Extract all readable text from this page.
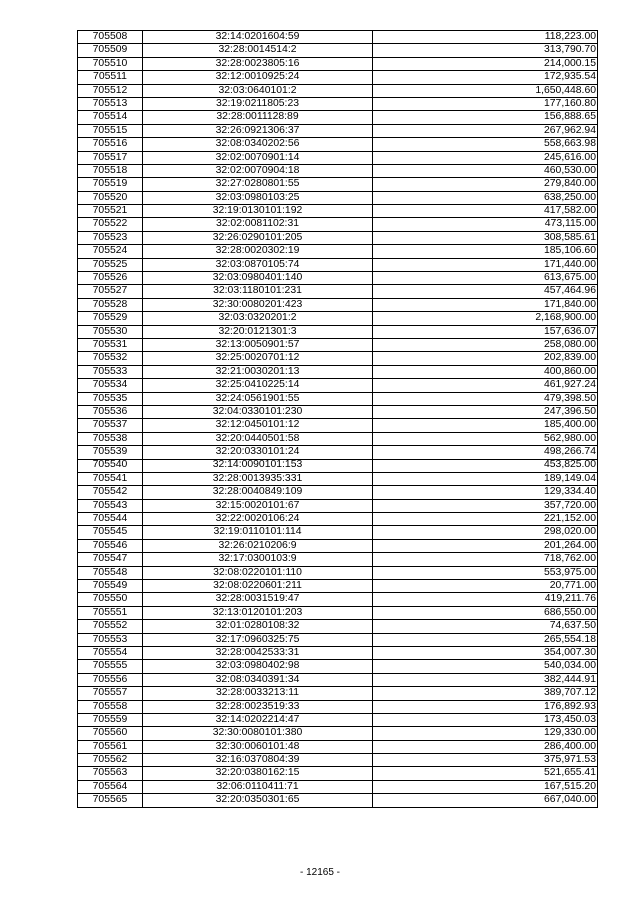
705508	32:14:0201604:59	118,223.00
705509	32:28:0014514:2	313,790.70
705510	32:28:0023805:16	214,000.15
705511	32:12:0010925:24	172,935.54
705512	32:03:0640101:2	1,650,448.60
705513	32:19:0211805:23	177,160.80
705514	32:28:0011128:89	156,888.65
705515	32:26:0921306:37	267,962.94
705516	32:08:0340202:56	558,663.98
705517	32:02:0070901:14	245,616.00
705518	32:02:0070904:18	460,530.00
705519	32:27:0280801:55	279,840.00
705520	32:03:0980103:25	638,250.00
705521	32:19:0130101:192	417,582.00
705522	32:02:0081102:31	473,115.00
705523	32:26:0290101:205	308,585.61
705524	32:28:0020302:19	185,106.60
705525	32:03:0870105:74	171,440.00
705526	32:03:0980401:140	613,675.00
705527	32:03:1180101:231	457,464.96
705528	32:30:0080201:423	171,840.00
705529	32:03:0320201:2	2,168,900.00
705530	32:20:0121301:3	157,636.07
705531	32:13:0050901:57	258,080.00
705532	32:25:0020701:12	202,839.00
705533	32:21:0030201:13	400,860.00
705534	32:25:0410225:14	461,927.24
705535	32:24:0561901:55	479,398.50
705536	32:04:0330101:230	247,396.50
705537	32:12:0450101:12	185,400.00
705538	32:20:0440501:58	562,980.00
705539	32:20:0330101:24	498,266.74
705540	32:14:0090101:153	453,825.00
705541	32:28:0013935:331	189,149.04
705542	32:28:0040849:109	129,334.40
705543	32:15:0020101:67	357,720.00
705544	32:22:0020106:24	221,152.00
705545	32:19:0110101:114	298,020.00
705546	32:26:0210206:9	201,264.00
705547	32:17:0300103:9	718,762.00
705548	32:08:0220101:110	553,975.00
705549	32:08:0220601:211	20,771.00
705550	32:28:0031519:47	419,211.76
705551	32:13:0120101:203	686,550.00
705552	32:01:0280108:32	74,637.50
705553	32:17:0960325:75	265,554.18
705554	32:28:0042533:31	354,007.30
705555	32:03:0980402:98	540,034.00
705556	32:08:0340391:34	382,444.91
705557	32:28:0033213:11	389,707.12
705558	32:28:0023519:33	176,892.93
705559	32:14:0202214:47	173,450.03
705560	32:30:0080101:380	129,330.00
705561	32:30:0060101:48	286,400.00
705562	32:16:0370804:39	375,971.53
705563	32:20:0380162:15	521,655.41
705564	32:06:0110411:71	167,515.20
705565	32:20:0350301:65	667,040.00
- 12165 -
